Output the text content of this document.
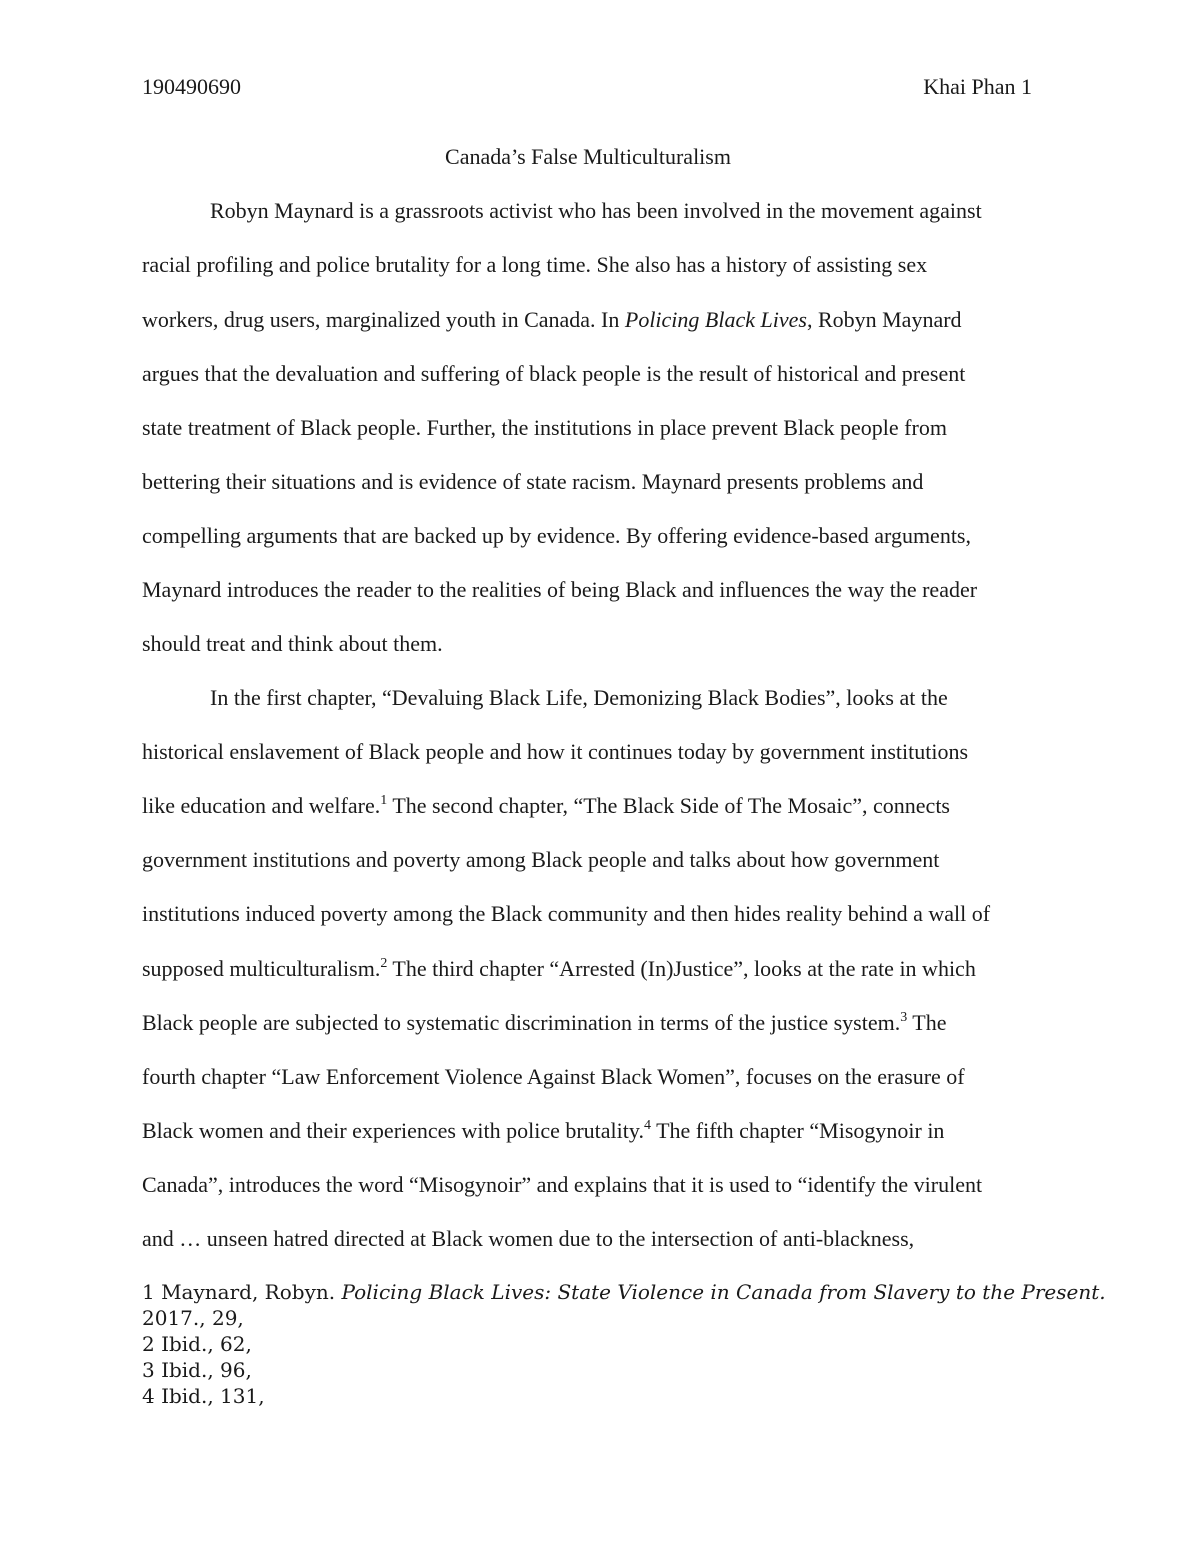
190490690	Khai Phan 1
Canada’s False Multiculturalism
Robyn Maynard is a grassroots activist who has been involved in the movement against
racial profiling and police brutality for a long time. She also has a history of assisting sex
workers, drug users, marginalized youth in Canada. In Policing Black Lives, Robyn Maynard
argues that the devaluation and suffering of black people is the result of historical and present
state treatment of Black people. Further, the institutions in place prevent Black people from
bettering their situations and is evidence of state racism. Maynard presents problems and
compelling arguments that are backed up by evidence. By offering evidence-based arguments,
Maynard introduces the reader to the realities of being Black and influences the way the reader
should treat and think about them.
In the first chapter, “Devaluing Black Life, Demonizing Black Bodies”, looks at the
historical enslavement of Black people and how it continues today by government institutions
like education and welfare.$^1$ The second chapter, “The Black Side of The Mosaic”, connects
government institutions and poverty among Black people and talks about how government
institutions induced poverty among the Black community and then hides reality behind a wall of
supposed multiculturalism.$^2$ The third chapter “Arrested (In)Justice”, looks at the rate in which
Black people are subjected to systematic discrimination in terms of the justice system.$^3$ The
fourth chapter “Law Enforcement Violence Against Black Women”, focuses on the erasure of
Black women and their experiences with police brutality.$^4$ The fifth chapter “Misogynoir in
Canada”, introduces the word “Misogynoir” and explains that it is used to “identify the virulent
and … unseen hatred directed at Black women due to the intersection of anti-blackness,
1 Maynard, Robyn. Policing Black Lives: State Violence in Canada from Slavery to the Present.
2017., 29,
2 Ibid., 62,
3 Ibid., 96,
4 Ibid., 131,
